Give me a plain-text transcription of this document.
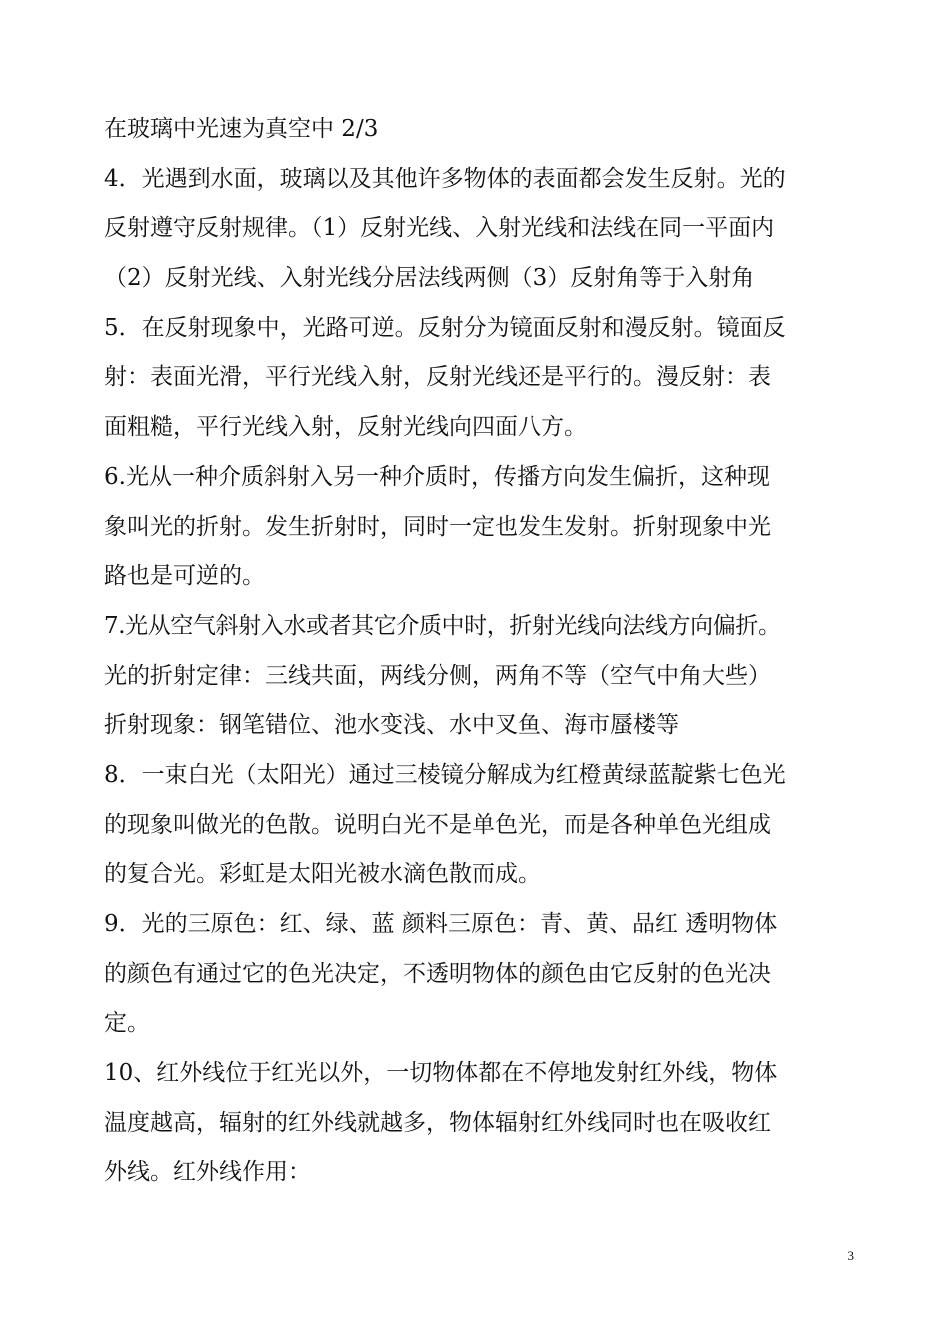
在玻璃中光速为真空中 2/3
4．光遇到水面，玻璃以及其他许多物体的表面都会发生反射。光的
反射遵守反射规律。（1）反射光线、入射光线和法线在同一平面内
（2）反射光线、入射光线分居法线两侧（3）反射角等于入射角
5．在反射现象中，光路可逆。反射分为镜面反射和漫反射。镜面反
射：表面光滑，平行光线入射，反射光线还是平行的。漫反射：表
面粗糙，平行光线入射，反射光线向四面八方。
6.光从一种介质斜射入另一种介质时，传播方向发生偏折，这种现
象叫光的折射。发生折射时，同时一定也发生发射。折射现象中光
路也是可逆的。
7.光从空气斜射入水或者其它介质中时，折射光线向法线方向偏折。
光的折射定律：三线共面，两线分侧，两角不等（空气中角大些）
折射现象：钢笔错位、池水变浅、水中叉鱼、海市蜃楼等
8．一束白光（太阳光）通过三棱镜分解成为红橙黄绿蓝靛紫七色光
的现象叫做光的色散。说明白光不是单色光，而是各种单色光组成
的复合光。彩虹是太阳光被水滴色散而成。
9．光的三原色：红、绿、蓝 颜料三原色：青、黄、品红 透明物体
的颜色有通过它的色光决定，不透明物体的颜色由它反射的色光决
定。
10、红外线位于红光以外，一切物体都在不停地发射红外线，物体
温度越高，辐射的红外线就越多，物体辐射红外线同时也在吸收红
外线。红外线作用：
3
